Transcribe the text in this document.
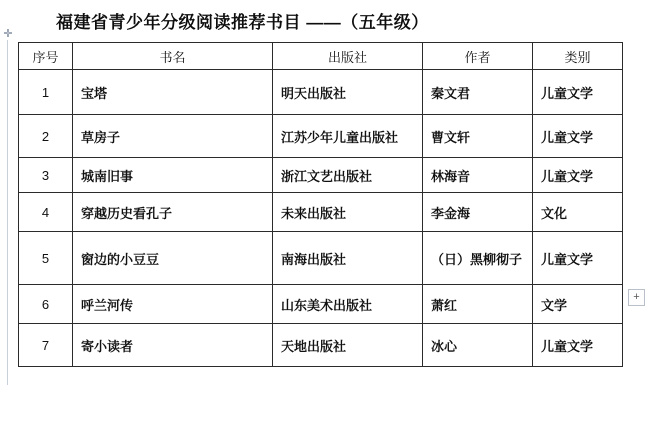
福建省青少年分级阅读推荐书目 ——（五年级）
✛
+
序号	书名	出版社	作者	类别
1	宝塔	明天出版社	秦文君	儿童文学
2	草房子	江苏少年儿童出版社	曹文轩	儿童文学
3	城南旧事	浙江文艺出版社	林海音	儿童文学
4	穿越历史看孔子	未来出版社	李金海	文化
5	窗边的小豆豆	南海出版社	（日）黑柳彻子	儿童文学
6	呼兰河传	山东美术出版社	萧红	文学
7	寄小读者	天地出版社	冰心	儿童文学
